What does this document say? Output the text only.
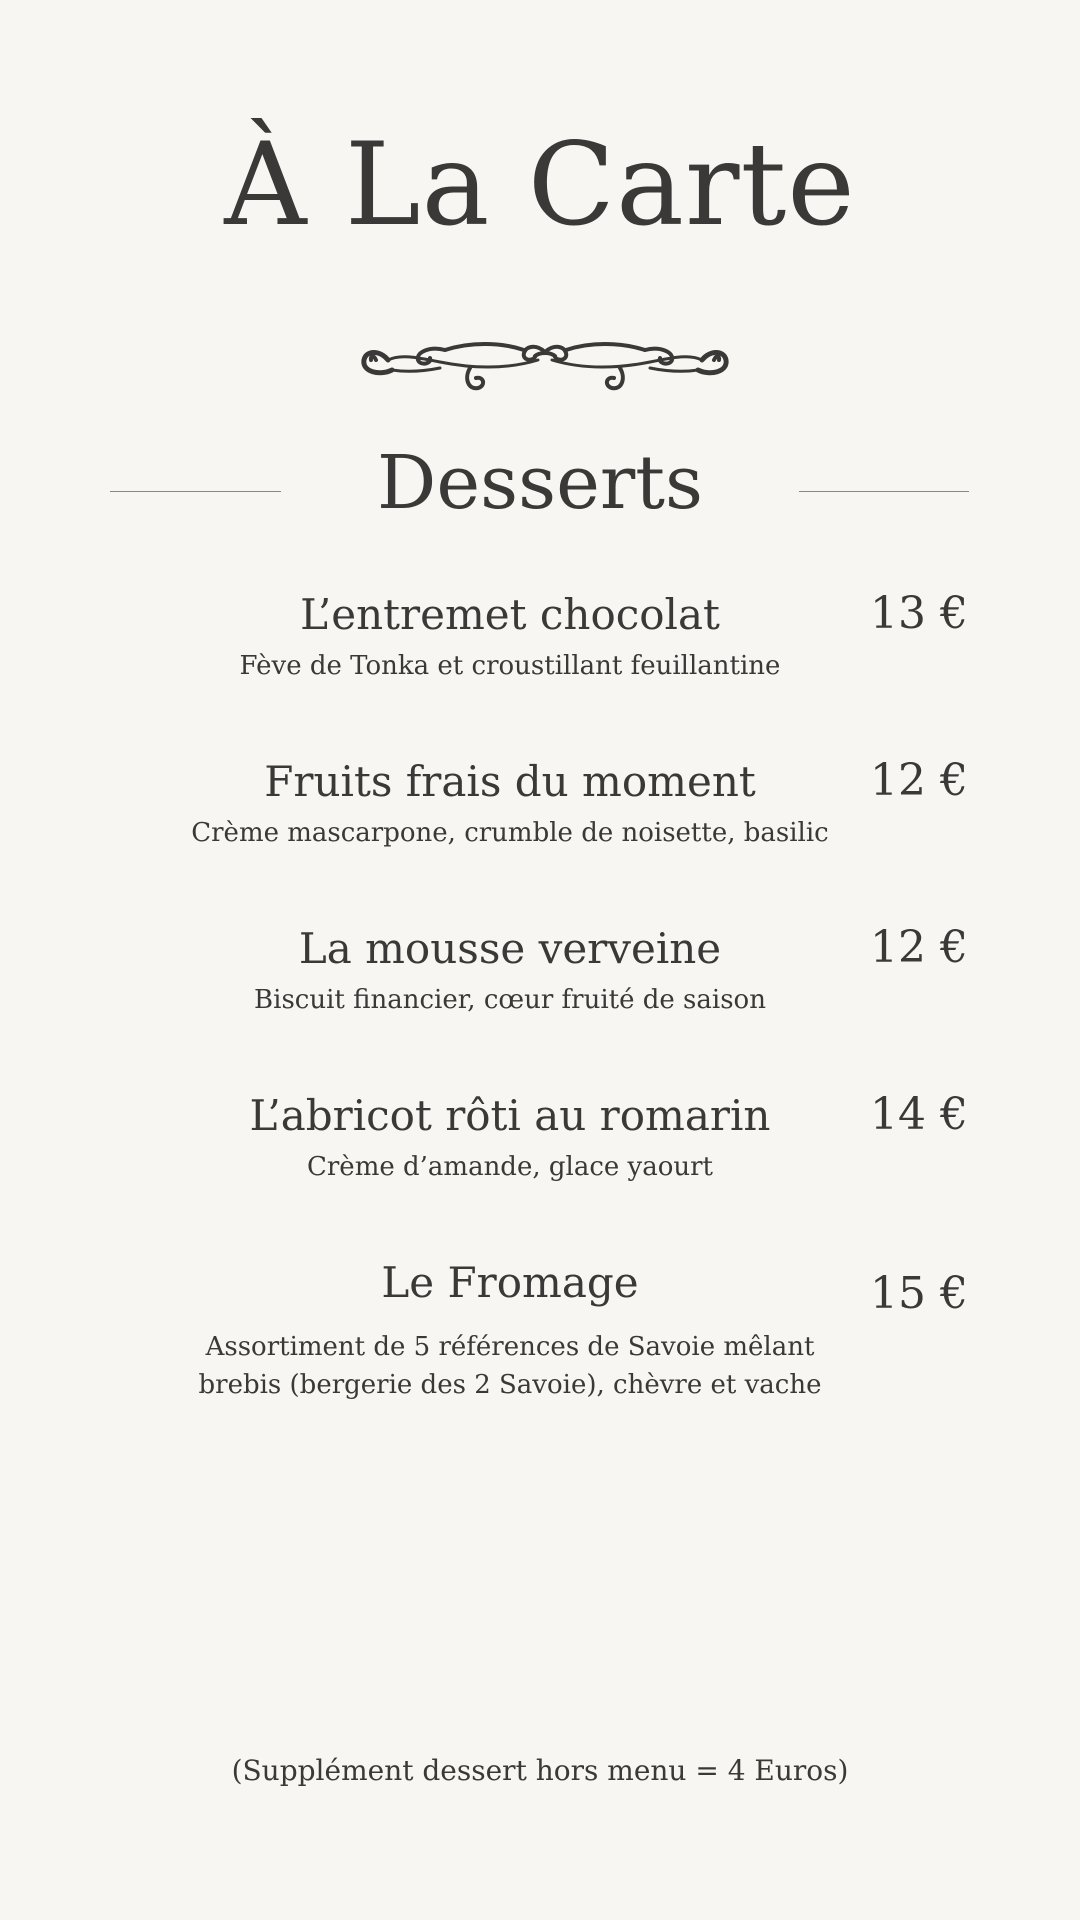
À La Carte
Desserts
L’entremet chocolat	13 €
Fève de Tonka et croustillant feuillantine
Fruits frais du moment	12 €
Crème mascarpone, crumble de noisette, basilic
La mousse verveine	12 €
Biscuit financier, cœur fruité de saison
L’abricot rôti au romarin	14 €
Crème d’amande, glace yaourt
Le Fromage	15 €
Assortiment de 5 références de Savoie mêlant brebis (bergerie des 2 Savoie), chèvre et vache
(Supplément dessert hors menu = 4 Euros)
